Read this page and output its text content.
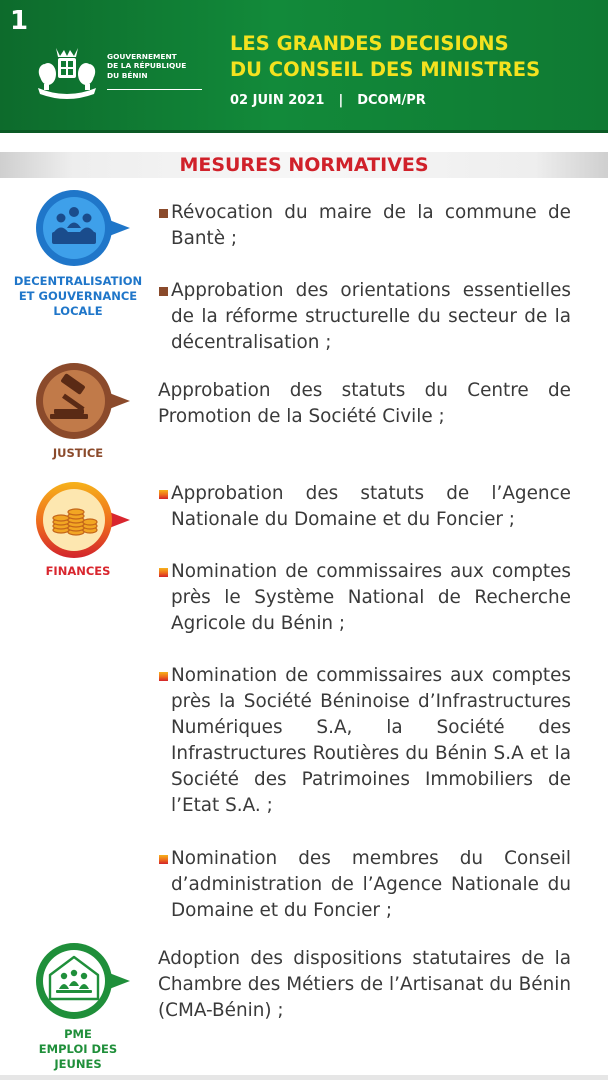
1
GOUVERNEMENT
DE LA RÉPUBLIQUE
DU BÉNIN
LES GRANDES DECISIONS
DU CONSEIL DES MINISTRES
02 JUIN 2021 | DCOM/PR
MESURES NORMATIVES
DECENTRALISATION
ET GOUVERNANCE
LOCALE
Révocation du maire de la commune de Bantè ;
Approbation des orientations essentielles de la réforme structurelle du secteur de la décentralisation ;
JUSTICE
Approbation des statuts du Centre de Promotion de la Société Civile ;
FINANCES
Approbation des statuts de l’Agence Nationale du Domaine et du Foncier ;
Nomination de commissaires aux comptes près le Système National de Recherche Agricole du Bénin ;
Nomination de commissaires aux comptes près la Société Béninoise d’Infrastructures Numériques S.A, la Société des Infrastructures Routières du Bénin S.A et la Société des Patrimoines Immobiliers de l’Etat S.A. ;
Nomination des membres du Conseil d’administration de l’Agence Nationale du Domaine et du Foncier ;
PME
EMPLOI DES
JEUNES
Adoption des dispositions statutaires de la Chambre des Métiers de l’Artisanat du Bénin (CMA-Bénin) ;
